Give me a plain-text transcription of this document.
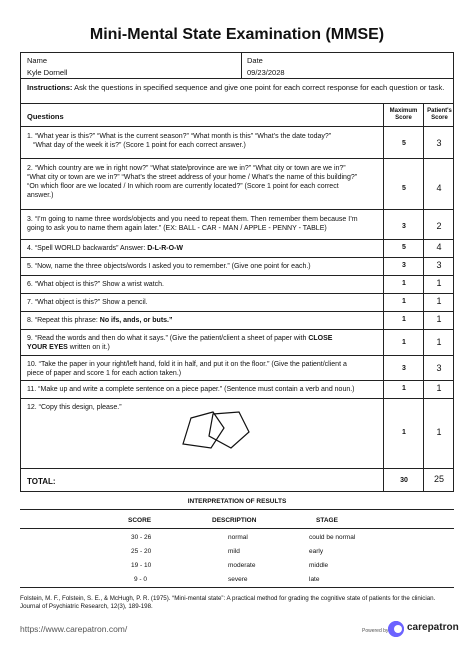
Mini-Mental State Examination (MMSE)
Name
Kyle Dornell
Date
09/23/2028
Instructions: Ask the questions in specified sequence and give one point for each correct response for each question or task.
Questions
Maximum
Score
Patient's
Score
1. “What year is this?” “What is the current season?” “What month is this” “What’s the date today?”
“What day of the week it is?” (Score 1 point for each correct answer.)	5	3
2. “Which country are we in right now?” “What state/province are we in?” “What city or town are we in?”
“What city or town are we in?” “What’s the street address of your home / What’s the name of this building?”
“On which floor are we located / In which room are currently located?” (Score 1 point for each correct
answer.)
5	4
3. “I’m going to name three words/objects and you need to repeat them. Then remember them because I’m
going to ask you to name them again later.” (EX: BALL - CAR - MAN / APPLE - PENNY - TABLE)	3	2
4. “Spell WORLD backwards” Answer: D-L-R-O-W	5	4
5. “Now, name the three objects/words I asked you to remember.” (Give one point for each.)	3	3
6. “What object is this?” Show a wrist watch.	1	1
7. “What object is this?” Show a pencil.	1	1
8. “Repeat this phrase: No ifs, ands, or buts.”	1	1
9. “Read the words and then do what it says.” (Give the patient/client a sheet of paper with CLOSE
YOUR EYES written on it.)
1	1
10. “Take the paper in your right/left hand, fold it in half, and put it on the floor.” (Give the patient/client a
piece of paper and score 1 for each action taken.)
3	3
11. “Make up and write a complete sentence on a piece paper.” (Sentence must contain a verb and noun.)	1	1
12. “Copy this design, please.”
1	1
TOTAL:	30	25
INTERPRETATION OF RESULTS
SCORE	DESCRIPTION	STAGE
30 - 26	normal	could be normal
25 - 20	mild	early
19 - 10	moderate	middle
9 - 0	severe	late
Folstein, M. F., Folstein, S. E., & McHugh, P. R. (1975). “Mini-mental state”: A practical method for grading the cognitive state of patients for the clinician. Journal of Psychiatric Research, 12(3), 189-198.
https://www.carepatron.com/	Powered by carepatron
